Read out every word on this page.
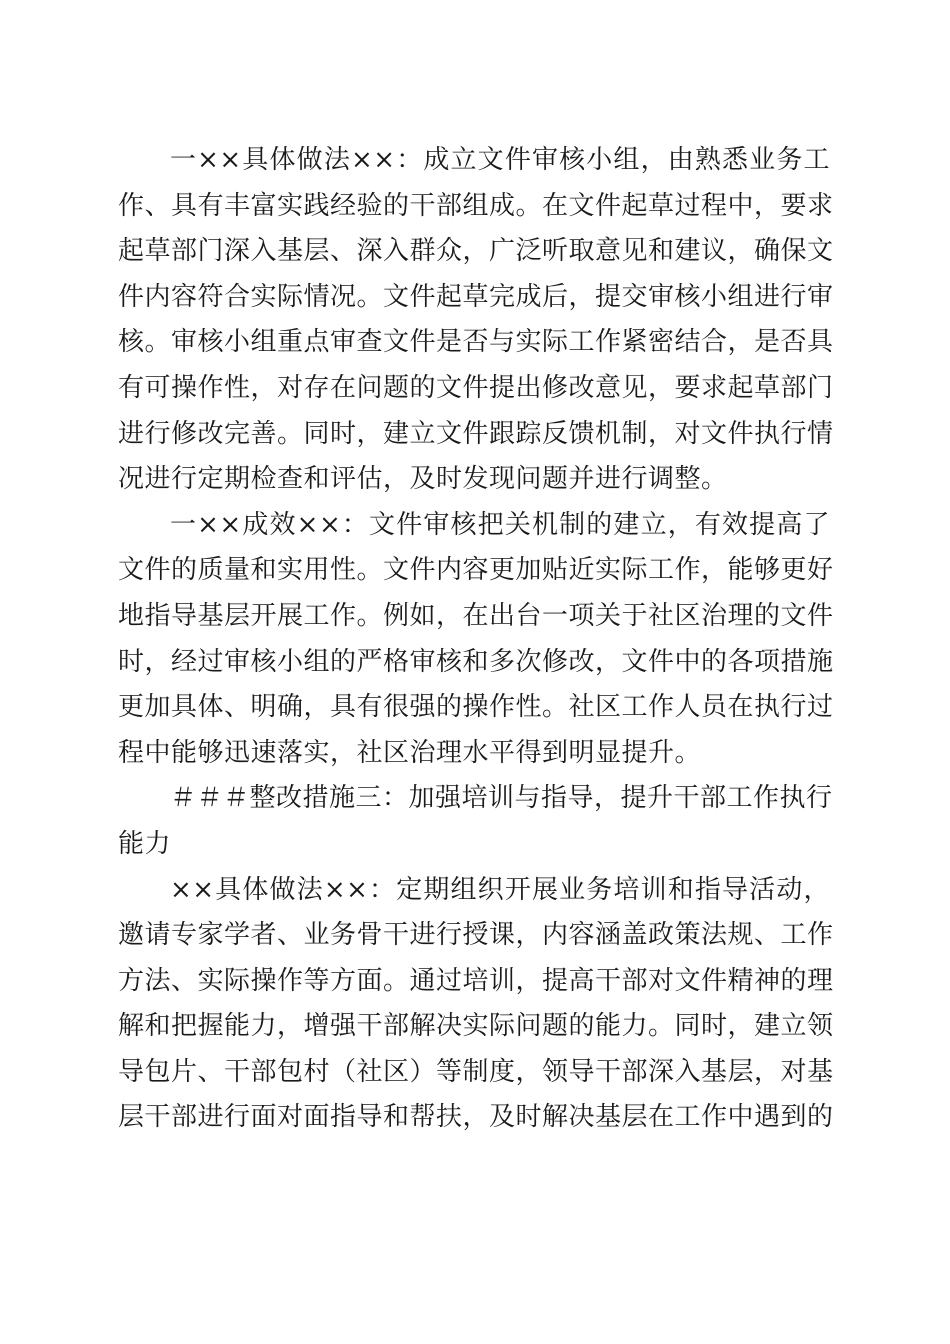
一××具体做法××：成立文件审核小组，由熟悉业务工
作、具有丰富实践经验的干部组成。在文件起草过程中，要求
起草部门深入基层、深入群众，广泛听取意见和建议，确保文
件内容符合实际情况。文件起草完成后，提交审核小组进行审
核。审核小组重点审查文件是否与实际工作紧密结合，是否具
有可操作性，对存在问题的文件提出修改意见，要求起草部门
进行修改完善。同时，建立文件跟踪反馈机制，对文件执行情
况进行定期检查和评估，及时发现问题并进行调整。

一××成效××：文件审核把关机制的建立，有效提高了
文件的质量和实用性。文件内容更加贴近实际工作，能够更好
地指导基层开展工作。例如，在出台一项关于社区治理的文件
时，经过审核小组的严格审核和多次修改，文件中的各项措施
更加具体、明确，具有很强的操作性。社区工作人员在执行过
程中能够迅速落实，社区治理水平得到明显提升。

＃＃＃整改措施三：加强培训与指导，提升干部工作执行
能力

××具体做法××：定期组织开展业务培训和指导活动，
邀请专家学者、业务骨干进行授课，内容涵盖政策法规、工作
方法、实际操作等方面。通过培训，提高干部对文件精神的理
解和把握能力，增强干部解决实际问题的能力。同时，建立领
导包片、干部包村（社区）等制度，领导干部深入基层，对基
层干部进行面对面指导和帮扶，及时解决基层在工作中遇到的
